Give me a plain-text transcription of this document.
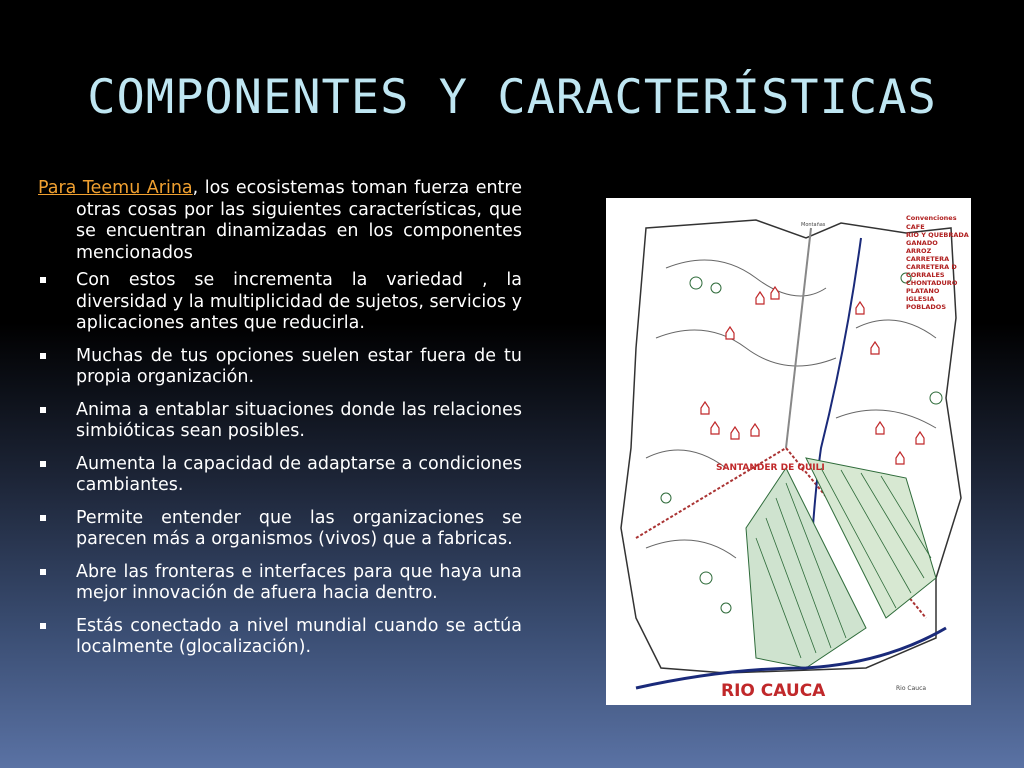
COMPONENTES Y CARACTERÍSTICAS

Para Teemu Arina, los ecosistemas toman fuerza entre otras cosas por las siguientes características, que se encuentran dinamizadas en los componentes mencionados

Con estos se incrementa la variedad , la diversidad y la multiplicidad de sujetos, servicios y aplicaciones antes que reducirla.
Muchas de tus opciones suelen estar fuera de tu propia organización.
Anima a entablar situaciones donde las relaciones simbióticas sean posibles.
Aumenta la capacidad de adaptarse a condiciones cambiantes.
Permite entender que las organizaciones se parecen más a organismos (vivos) que a fabricas.
Abre las fronteras e interfaces para que haya una mejor innovación de afuera hacia dentro.
Estás conectado a nivel mundial cuando se actúa localmente (glocalización).
Convenciones
CAFE
RIO Y QUEBRADA
GANADO
ARROZ
CARRETERA
CARRETERA D
CORRALES
CHONTADURO
PLATANO
IGLESIA
POBLADOS
Montañas
SANTANDER DE QUILI
RIO CAUCA	Rio Cauca
